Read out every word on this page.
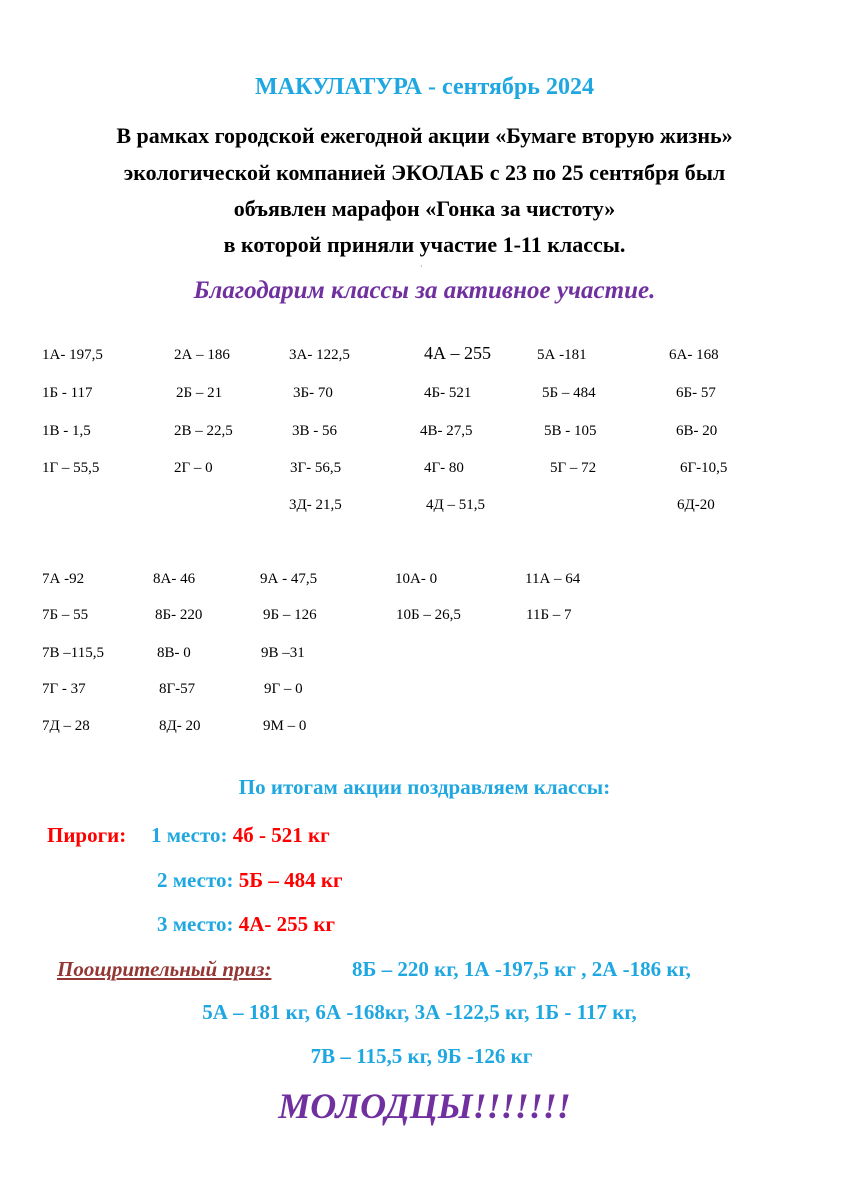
МАКУЛАТУРА - сентябрь 2024
В рамках городской ежегодной акции «Бумаге вторую жизнь»
экологической компанией ЭКОЛАБ с 23 по 25 сентября был
объявлен марафон «Гонка за чистоту»
в которой приняли участие 1-11 классы.
·
Благодарим классы за активное участие.
1А- 197,5	2А – 186	3А- 122,5	4А – 255	5А -181	6А- 168
1Б - 117	2Б – 21	3Б- 70	4Б- 521	5Б – 484	6Б- 57
1В - 1,5	2В – 22,5	3В - 56	4В- 27,5	5В - 105	6В- 20
1Г – 55,5	2Г – 0	3Г- 56,5	4Г- 80	5Г – 72	6Г-10,5
3Д- 21,5	4Д – 51,5	6Д-20
7А -92	8А- 46	9А - 47,5	10А- 0	11А – 64
7Б – 55	8Б- 220	9Б – 126	10Б – 26,5	11Б – 7
7В –115,5	8В- 0	9В –31
7Г - 37	8Г-57	9Г – 0
7Д – 28	8Д- 20	9М – 0
По итогам акции поздравляем классы:
Пироги: 1 место: 4б - 521 кг
2 место: 5Б – 484 кг
3 место: 4А- 255 кг
Поощрительный приз:	8Б – 220 кг, 1А -197,5 кг , 2А -186 кг,
5А – 181 кг, 6А -168кг, 3А -122,5 кг, 1Б - 117 кг,
7В – 115,5 кг, 9Б -126 кг
МОЛОДЦЫ!!!!!!!
